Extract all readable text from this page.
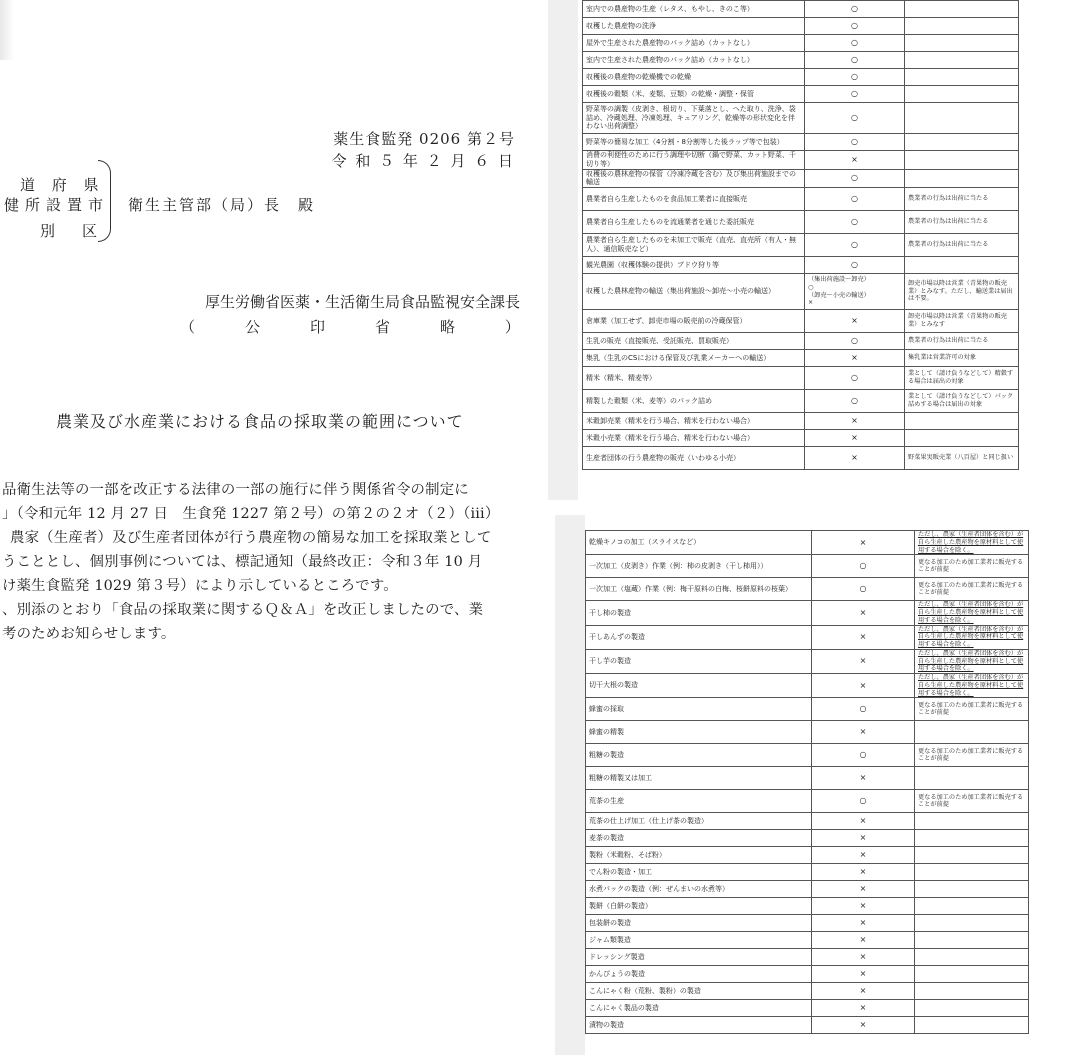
薬生食監発 0206 第２号
令 和 ５ 年 ２ 月 ６ 日
道 府 県
健所設置市
別　区
衛生主管部（局）長　殿
厚生労働省医薬・生活衛生局食品監視安全課長
（	公	印	省	略	）
農業及び水産業における食品の採取業の範囲について
品衛生法等の一部を改正する法律の一部の施行に伴う関係省令の制定に
」（令和元年 12 月 27 日　生食発 1227 第２号）の第２の２オ（２）（iii）
農家（生産者）及び生産者団体が行う農産物の簡易な加工を採取業として
うこととし、個別事例については、標記通知（最終改正：令和３年 10 月
け薬生食監発 1029 第３号）により示しているところです。
、別添のとおり「食品の採取業に関するＱ＆Ａ」を改正しましたので、業
考のためお知らせします。
室内での農産物の生産（レタス、もやし、きのこ等）	○	
収穫した農産物の洗浄	○	
屋外で生産された農産物のパック詰め（カットなし）	○	
室内で生産された農産物のパック詰め（カットなし）	○	
収穫後の農産物の乾燥機での乾燥	○	
収穫後の穀類（米、麦類、豆類）の乾燥・調整・保管	○	
野菜等の調製（皮剥き、根切り、下葉落とし、へた取り、洗浄、袋詰め、冷蔵処理、冷凍処理、キュアリング、乾燥等の形状変化を伴わない出荷調整）	○	
野菜等の簡易な加工（4分割・8分割等した後ラップ等で包装）	○	
消費の利便性のために行う調理や切断（鍋で野菜、カット野菜、千切り等）	×	
収穫後の農林産物の保管（冷凍冷蔵を含む）及び集出荷施設までの輸送	○	
農業者自ら生産したものを食品加工業者に直接販売	○	農業者の行為は出荷に当たる
農業者自ら生産したものを流通業者を通じた委託販売	○	農業者の行為は出荷に当たる
農業者自ら生産したものを未加工で販売（直売、直売所（有人・無人）、通信販売など）	○	農業者の行為は出荷に当たる
観光農園（収穫体験の提供）ブドウ狩り等	○	
収穫した農林産物の輸送（集出荷施設～卸売～小売の輸送）	（集出荷施設～卸売）
○
（卸売～小売の輸送）
×	卸売市場以降は営業（青果物の販売業）とみなす。ただし、輸送業は届出は不要。
倉庫業（加工せず、卸売市場の販売前の冷蔵保管）	×	卸売市場以降は営業（青果物の販売業）とみなす
生乳の販売（直接販売、受託販売、買取販売）	○	農業者の行為は出荷に当たる
集乳（生乳のCSにおける保管及び乳業メーカーへの輸送）	×	集乳業は営業許可の対象
精米（精米、精麦等）	○	業として（請け負うなどして）精穀する場合は届出の対象
精製した穀類（米、麦等）のパック詰め	○	業として（請け負うなどして）パック詰めする場合は届出の対象
米穀卸売業（精米を行う場合、精米を行わない場合）	×	
米穀小売業（精米を行う場合、精米を行わない場合）	×	
生産者団体の行う農産物の販売（いわゆる小売）	×	野菜果実販売業（八百屋）と同じ扱い
乾燥キノコの加工（スライスなど）	×	ただし、農家（生産者団体を含む）が自ら生産した農産物を原材料として使用する場合を除く。
一次加工（皮剥き）作業（例：柿の皮剥き（干し柿用））	○	更なる加工のため加工業者に販売することが前提
一次加工（塩蔵）作業（例：梅干原料の白梅、桜餅原料の桜葉）	○	更なる加工のため加工業者に販売することが前提
干し柿の製造	×	ただし、農家（生産者団体を含む）が自ら生産した農産物を原材料として使用する場合を除く。
干しあんずの製造	×	ただし、農家（生産者団体を含む）が自ら生産した農産物を原材料として使用する場合を除く。
干し芋の製造	×	ただし、農家（生産者団体を含む）が自ら生産した農産物を原材料として使用する場合を除く。
切干大根の製造	×	ただし、農家（生産者団体を含む）が自ら生産した農産物を原材料として使用する場合を除く。
蜂蜜の採取	○	更なる加工のため加工業者に販売することが前提
蜂蜜の精製	×	
粗糖の製造	○	更なる加工のため加工業者に販売することが前提
粗糖の精製又は加工	×	
荒茶の生産	○	更なる加工のため加工業者に販売することが前提
荒茶の仕上げ加工（仕上げ茶の製造）	×	
麦茶の製造	×	
製粉（米穀粉、そば粉）	×	
でん粉の製造・加工	×	
水煮パックの製造（例：ぜんまいの水煮等）	×	
製餅（白餅の製造）	×	
包装餅の製造	×	
ジャム類製造	×	
ドレッシング製造	×	
かんぴょうの製造	×	
こんにゃく粉（荒粉、製粉）の製造	×	
こんにゃく製品の製造	×	
漬物の製造	×	
